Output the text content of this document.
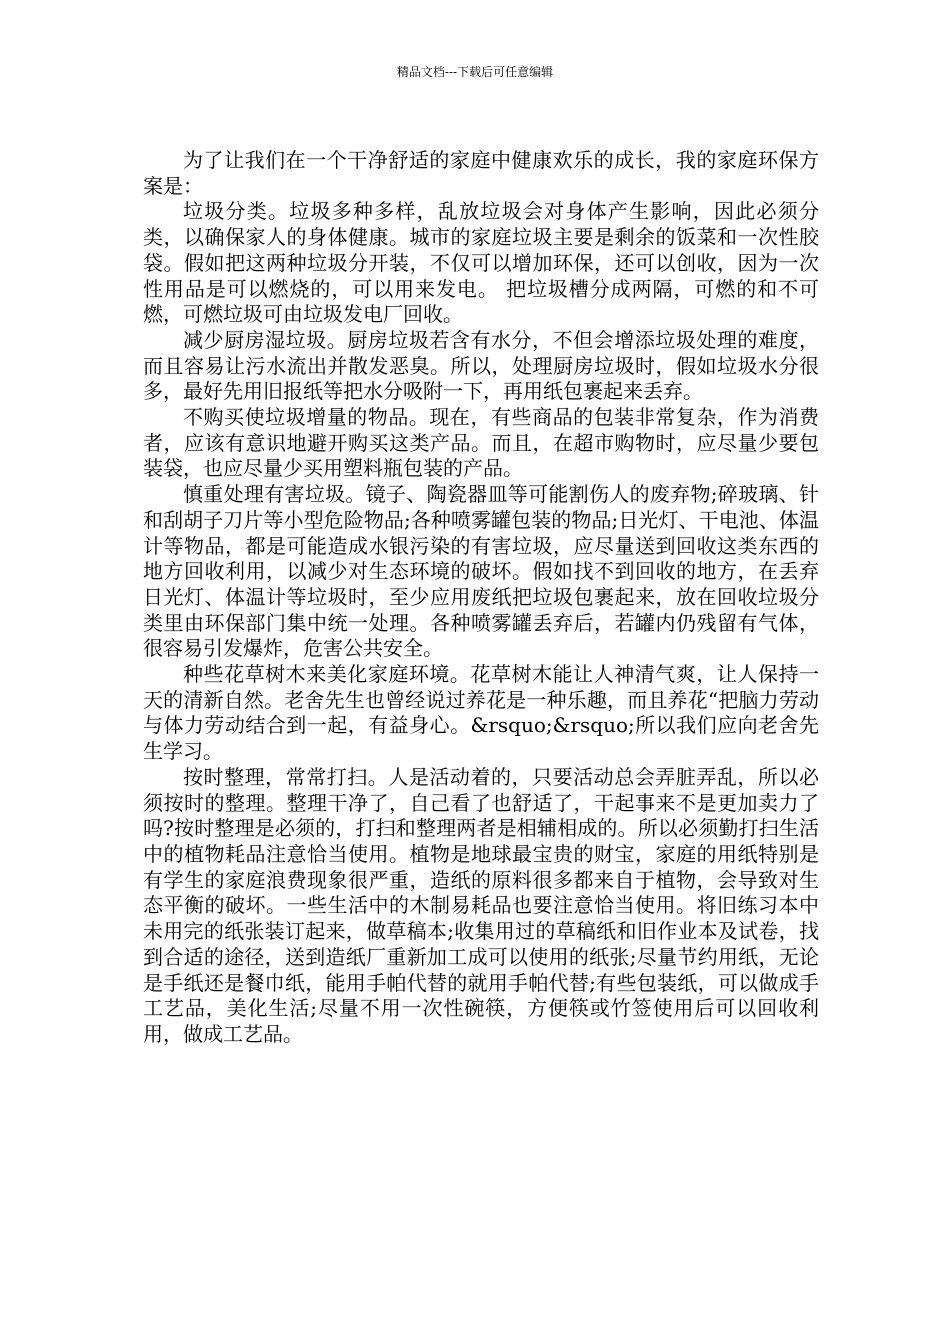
精品文档---下载后可任意编辑

为了让我们在一个干净舒适的家庭中健康欢乐的成长，我的家庭环保方案是：

垃圾分类。垃圾多种多样，乱放垃圾会对身体产生影响，因此必须分类，以确保家人的身体健康。城市的家庭垃圾主要是剩余的饭菜和一次性胶袋。假如把这两种垃圾分开装，不仅可以增加环保，还可以创收，因为一次性用品是可以燃烧的，可以用来发电。 把垃圾槽分成两隔，可燃的和不可燃，可燃垃圾可由垃圾发电厂回收。

减少厨房湿垃圾。厨房垃圾若含有水分，不但会增添垃圾处理的难度，而且容易让污水流出并散发恶臭。所以，处理厨房垃圾时，假如垃圾水分很多，最好先用旧报纸等把水分吸附一下，再用纸包裹起来丢弃。

不购买使垃圾增量的物品。现在，有些商品的包装非常复杂，作为消费者，应该有意识地避开购买这类产品。而且，在超市购物时，应尽量少要包装袋，也应尽量少买用塑料瓶包装的产品。

慎重处理有害垃圾。镜子、陶瓷器皿等可能割伤人的废弃物;碎玻璃、针和刮胡子刀片等小型危险物品;各种喷雾罐包装的物品;日光灯、干电池、体温计等物品，都是可能造成水银污染的有害垃圾，应尽量送到回收这类东西的地方回收利用，以减少对生态环境的破坏。假如找不到回收的地方，在丢弃日光灯、体温计等垃圾时，至少应用废纸把垃圾包裹起来，放在回收垃圾分类里由环保部门集中统一处理。各种喷雾罐丢弃后，若罐内仍残留有气体，很容易引发爆炸，危害公共安全。

种些花草树木来美化家庭环境。花草树木能让人神清气爽，让人保持一天的清新自然。老舍先生也曾经说过养花是一种乐趣，而且养花“把脑力劳动与体力劳动结合到一起，有益身心。&rsquo;&rsquo;所以我们应向老舍先生学习。

按时整理，常常打扫。人是活动着的，只要活动总会弄脏弄乱，所以必须按时的整理。整理干净了，自己看了也舒适了，干起事来不是更加卖力了吗?按时整理是必须的，打扫和整理两者是相辅相成的。所以必须勤打扫生活中的植物耗品注意恰当使用。植物是地球最宝贵的财宝，家庭的用纸特别是有学生的家庭浪费现象很严重，造纸的原料很多都来自于植物，会导致对生态平衡的破坏。一些生活中的木制易耗品也要注意恰当使用。将旧练习本中未用完的纸张装订起来，做草稿本;收集用过的草稿纸和旧作业本及试卷，找到合适的途径，送到造纸厂重新加工成可以使用的纸张;尽量节约用纸，无论是手纸还是餐巾纸，能用手帕代替的就用手帕代替;有些包装纸，可以做成手工艺品，美化生活;尽量不用一次性碗筷，方便筷或竹签使用后可以回收利用，做成工艺品。
